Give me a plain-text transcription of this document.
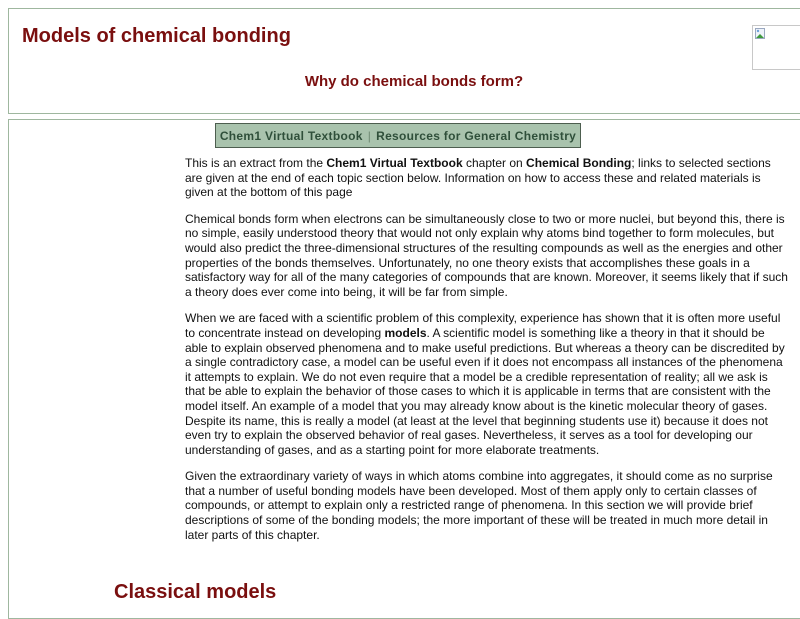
Models of chemical bonding
Why do chemical bonds form?
Chem1 Virtual Textbook | Resources for General Chemistry

This is an extract from the Chem1 Virtual Textbook chapter on Chemical Bonding; links to selected sections are given at the end of each topic section below. Information on how to access these and related materials is given at the bottom of this page

Chemical bonds form when electrons can be simultaneously close to two or more nuclei, but beyond this, there is no simple, easily understood theory that would not only explain why atoms bind together to form molecules, but would also predict the three-dimensional structures of the resulting compounds as well as the energies and other properties of the bonds themselves. Unfortunately, no one theory exists that accomplishes these goals in a satisfactory way for all of the many categories of compounds that are known. Moreover, it seems likely that if such a theory does ever come into being, it will be far from simple.

When we are faced with a scientific problem of this complexity, experience has shown that it is often more useful to concentrate instead on developing models. A scientific model is something like a theory in that it should be able to explain observed phenomena and to make useful predictions. But whereas a theory can be discredited by a single contradictory case, a model can be useful even if it does not encompass all instances of the phenomena it attempts to explain. We do not even require that a model be a credible representation of reality; all we ask is that be able to explain the behavior of those cases to which it is applicable in terms that are consistent with the model itself. An example of a model that you may already know about is the kinetic molecular theory of gases. Despite its name, this is really a model (at least at the level that beginning students use it) because it does not even try to explain the observed behavior of real gases. Nevertheless, it serves as a tool for developing our understanding of gases, and as a starting point for more elaborate treatments.

Given the extraordinary variety of ways in which atoms combine into aggregates, it should come as no surprise that a number of useful bonding models have been developed. Most of them apply only to certain classes of compounds, or attempt to explain only a restricted range of phenomena. In this section we will provide brief descriptions of some of the bonding models; the more important of these will be treated in much more detail in later parts of this chapter.

Classical models
